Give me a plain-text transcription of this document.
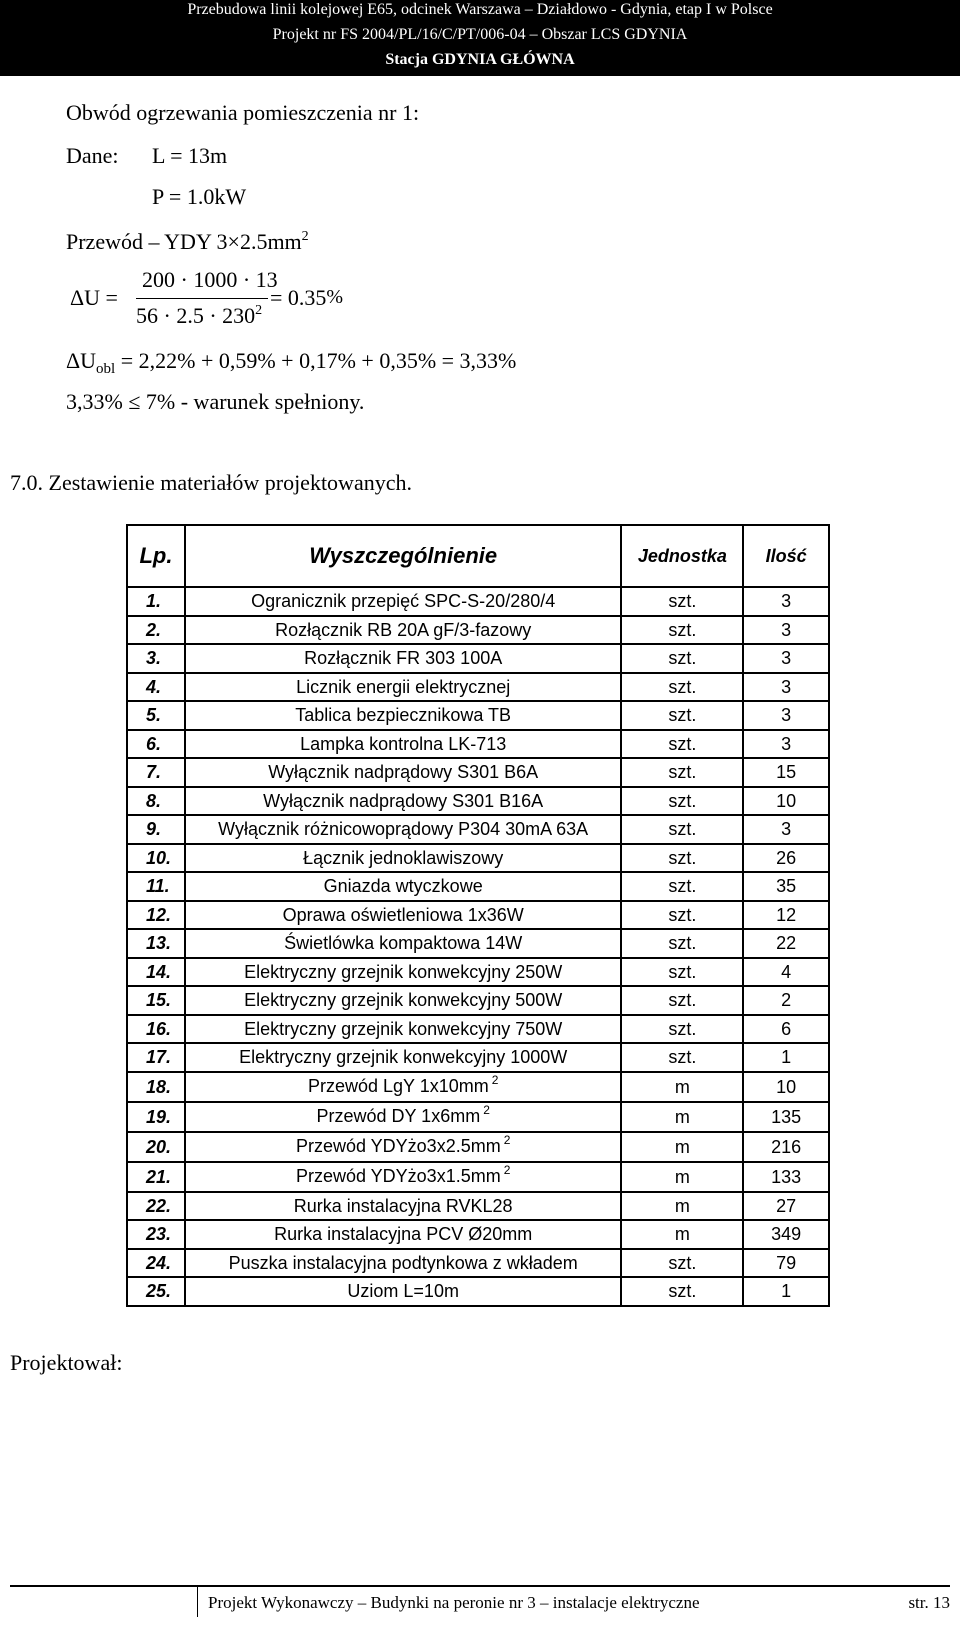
Przebudowa linii kolejowej E65, odcinek Warszawa – Działdowo - Gdynia, etap I w Polsce
Projekt nr FS 2004/PL/16/C/PT/006-04 – Obszar LCS GDYNIA
Stacja GDYNIA GŁÓWNA
Obwód ogrzewania pomieszczenia nr 1:
Dane: L = 13m
P = 1.0kW
Przewód – YDY $3\times 2.5mm^2$
ΔU =
200 · 1000 · 13
$56 \cdot 2.5 \cdot 230^2$
= 0.35%
$\Delta U_{obl} = 2,22\% + 0,59\% + 0,17\% + 0,35\% = 3,33\%$
3,33% ≤ 7% - warunek spełniony.
7.0. Zestawienie materiałów projektowanych.
Lp.	Wyszczególnienie	Jednostka	Ilość
1.	Ogranicznik przepięć SPC-S-20/280/4	szt.	3
2.	Rozłącznik RB 20A gF/3-fazowy	szt.	3
3.	Rozłącznik FR 303 100A	szt.	3
4.	Licznik energii elektrycznej	szt.	3
5.	Tablica bezpiecznikowa TB	szt.	3
6.	Lampka kontrolna LK-713	szt.	3
7.	Wyłącznik nadprądowy S301 B6A	szt.	15
8.	Wyłącznik nadprądowy S301 B16A	szt.	10
9.	Wyłącznik różnicowoprądowy P304 30mA 63A	szt.	3
10.	Łącznik jednoklawiszowy	szt.	26
11.	Gniazda wtyczkowe	szt.	35
12.	Oprawa oświetleniowa 1x36W	szt.	12
13.	Świetlówka kompaktowa 14W	szt.	22
14.	Elektryczny grzejnik konwekcyjny 250W	szt.	4
15.	Elektryczny grzejnik konwekcyjny 500W	szt.	2
16.	Elektryczny grzejnik konwekcyjny 750W	szt.	6
17.	Elektryczny grzejnik konwekcyjny 1000W	szt.	1
18.	Przewód LgY 1x10mm $^2$	m	10
19.	Przewód DY 1x6mm $^2$	m	135
20.	Przewód YDYżo3x2.5mm $^2$	m	216
21.	Przewód YDYżo3x1.5mm $^2$	m	133
22.	Rurka instalacyjna RVKL28	m	27
23.	Rurka instalacyjna PCV Ø20mm	m	349
24.	Puszka instalacyjna podtynkowa z wkładem	szt.	79
25.	Uziom L=10m	szt.	1
Projektował:
Projekt Wykonawczy – Budynki na peronie nr 3 – instalacje elektryczne	str. 13
